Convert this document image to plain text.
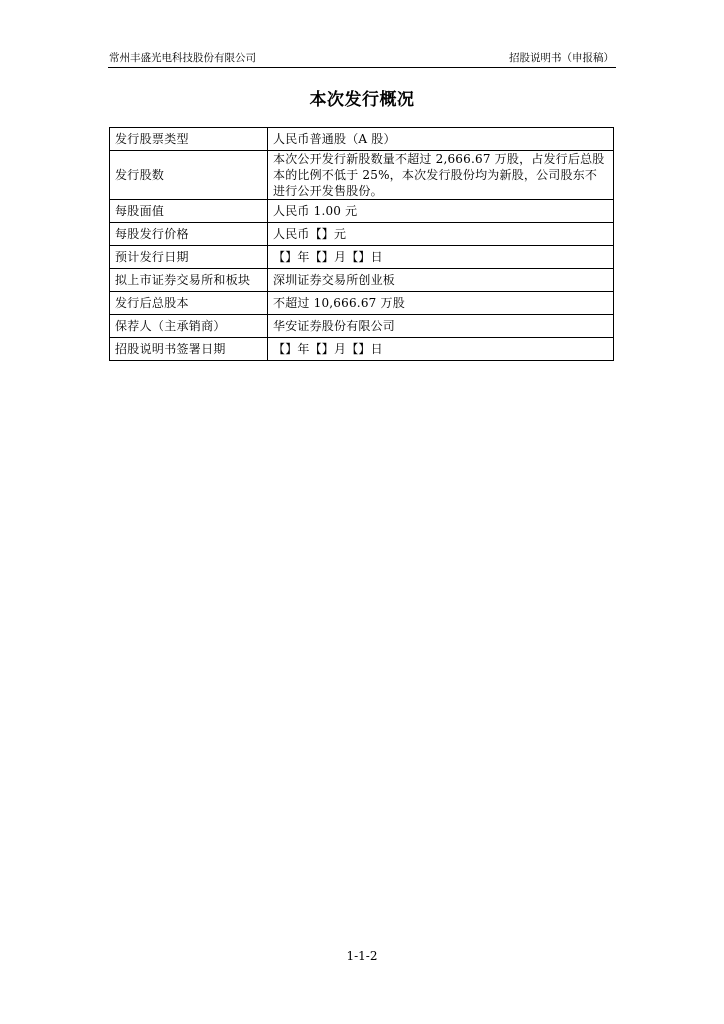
常州丰盛光电科技股份有限公司	招股说明书（申报稿）
本次发行概况
发行股票类型	人民币普通股（A 股）
发行股数	本次公开发行新股数量不超过 2,666.67 万股，占发行后总股本的比例不低于 25%，本次发行股份均为新股，公司股东不进行公开发售股份。
每股面值	人民币 1.00 元
每股发行价格	人民币【】元
预计发行日期	【】年【】月【】日
拟上市证券交易所和板块	深圳证券交易所创业板
发行后总股本	不超过 10,666.67 万股
保荐人（主承销商）	华安证券股份有限公司
招股说明书签署日期	【】年【】月【】日
1-1-2
